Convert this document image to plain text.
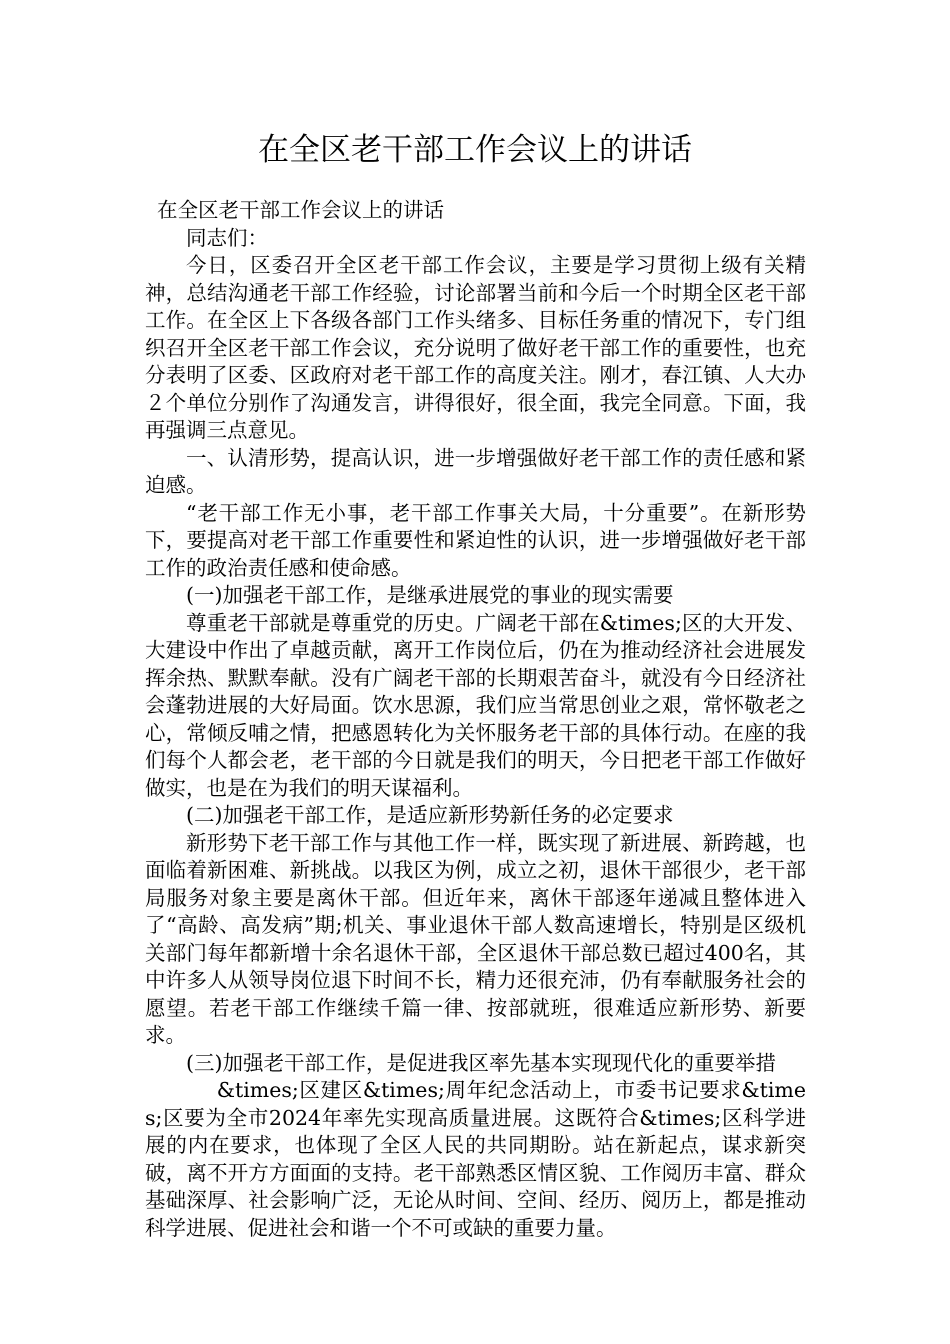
在全区老干部工作会议上的讲话

在全区老干部工作会议上的讲话

同志们：

今日，区委召开全区老干部工作会议，主要是学习贯彻上级有关精神，总结沟通老干部工作经验，讨论部署当前和今后一个时期全区老干部工作。在全区上下各级各部门工作头绪多、目标任务重的情况下，专门组织召开全区老干部工作会议，充分说明了做好老干部工作的重要性，也充分表明了区委、区政府对老干部工作的高度关注。刚才，春江镇、人大办２个单位分别作了沟通发言，讲得很好，很全面，我完全同意。下面，我再强调三点意见。

一、认清形势，提高认识，进一步增强做好老干部工作的责任感和紧迫感。

“老干部工作无小事，老干部工作事关大局，十分重要”。在新形势下，要提高对老干部工作重要性和紧迫性的认识，进一步增强做好老干部工作的政治责任感和使命感。

(一)加强老干部工作，是继承进展党的事业的现实需要

尊重老干部就是尊重党的历史。广阔老干部在&times;区的大开发、大建设中作出了卓越贡献，离开工作岗位后，仍在为推动经济社会进展发挥余热、默默奉献。没有广阔老干部的长期艰苦奋斗，就没有今日经济社会蓬勃进展的大好局面。饮水思源，我们应当常思创业之艰，常怀敬老之心，常倾反哺之情，把感恩转化为关怀服务老干部的具体行动。在座的我们每个人都会老，老干部的今日就是我们的明天，今日把老干部工作做好做实，也是在为我们的明天谋福利。

(二)加强老干部工作，是适应新形势新任务的必定要求

新形势下老干部工作与其他工作一样，既实现了新进展、新跨越，也面临着新困难、新挑战。以我区为例，成立之初，退休干部很少，老干部局服务对象主要是离休干部。但近年来，离休干部逐年递减且整体进入了“高龄、高发病”期;机关、事业退休干部人数高速增长，特别是区级机关部门每年都新增十余名退休干部，全区退休干部总数已超过400名，其中许多人从领导岗位退下时间不长，精力还很充沛，仍有奉献服务社会的愿望。若老干部工作继续千篇一律、按部就班，很难适应新形势、新要求。

(三)加强老干部工作，是促进我区率先基本实现现代化的重要举措

&times;区建区&times;周年纪念活动上，市委书记要求&times;区要为全市2024年率先实现高质量进展。这既符合&times;区科学进展的内在要求，也体现了全区人民的共同期盼。站在新起点，谋求新突破，离不开方方面面的支持。老干部熟悉区情区貌、工作阅历丰富、群众基础深厚、社会影响广泛，无论从时间、空间、经历、阅历上，都是推动科学进展、促进社会和谐一个不可或缺的重要力量。
